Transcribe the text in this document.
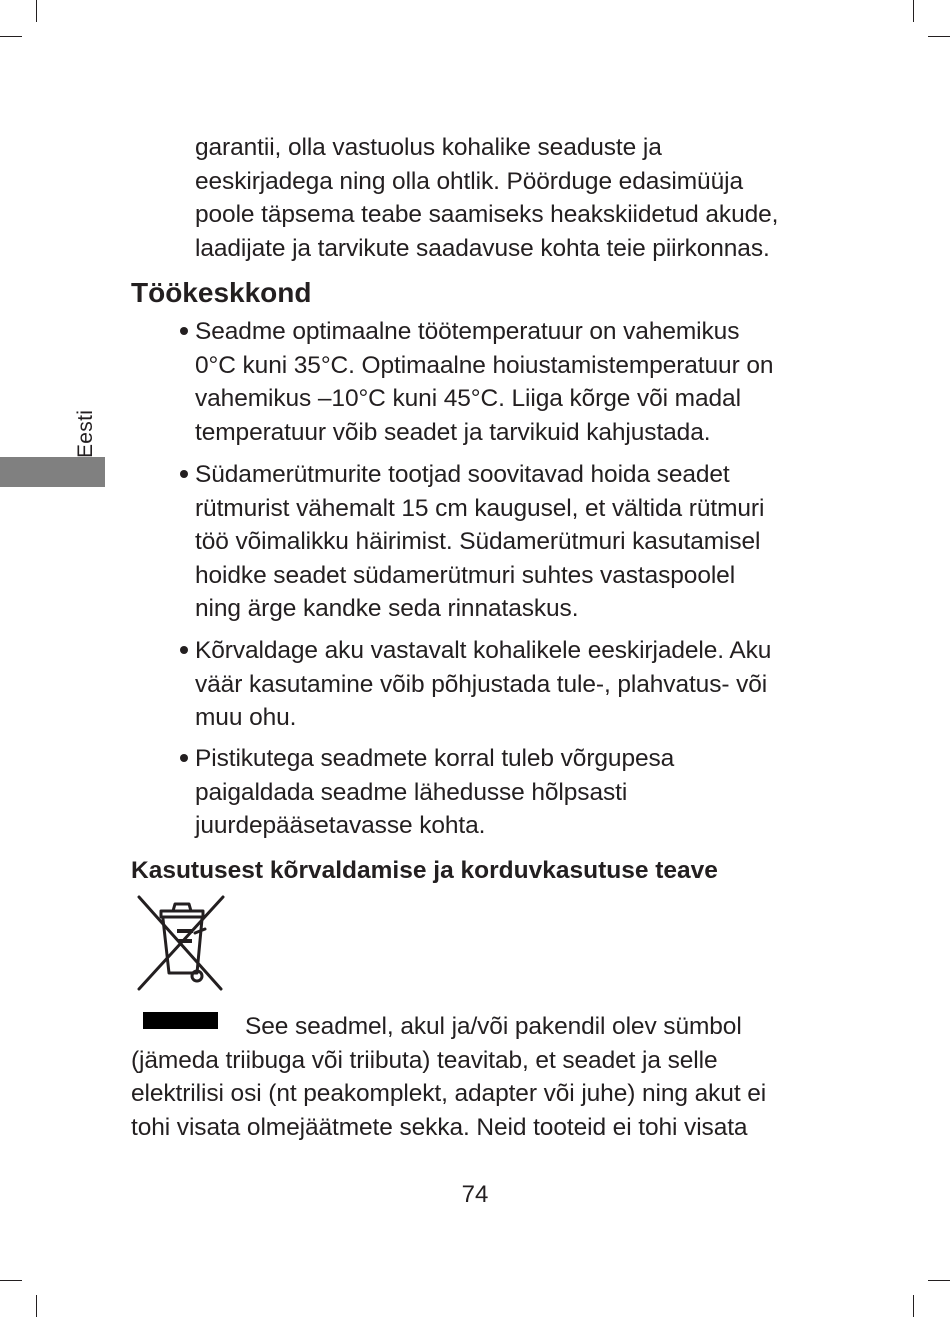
Eesti
garantii, olla vastuolus kohalike seaduste ja
eeskirjadega ning olla ohtlik. Pöörduge edasimüüja
poole täpsema teabe saamiseks heakskiidetud akude,
laadijate ja tarvikute saadavuse kohta teie piirkonnas.
Töökeskkond
Seadme optimaalne töötemperatuur on vahemikus
0°C kuni 35°C. Optimaalne hoiustamistemperatuur on
vahemikus –10°C kuni 45°C. Liiga kõrge või madal
temperatuur võib seadet ja tarvikuid kahjustada.
Südamerütmurite tootjad soovitavad hoida seadet
rütmurist vähemalt 15 cm kaugusel, et vältida rütmuri
töö võimalikku häirimist. Südamerütmuri kasutamisel
hoidke seadet südamerütmuri suhtes vastaspoolel
ning ärge kandke seda rinnataskus.
Kõrvaldage aku vastavalt kohalikele eeskirjadele. Aku
väär kasutamine võib põhjustada tule-, plahvatus- või
muu ohu.
Pistikutega seadmete korral tuleb võrgupesa
paigaldada seadme lähedusse hõlpsasti
juurdepääsetavasse kohta.
Kasutusest kõrvaldamise ja korduvkasutuse teave
See seadmel, akul ja/või pakendil olev sümbol
(jämeda triibuga või triibuta) teavitab, et seadet ja selle
elektrilisi osi (nt peakomplekt, adapter või juhe) ning akut ei
tohi visata olmejäätmete sekka. Neid tooteid ei tohi visata
74
